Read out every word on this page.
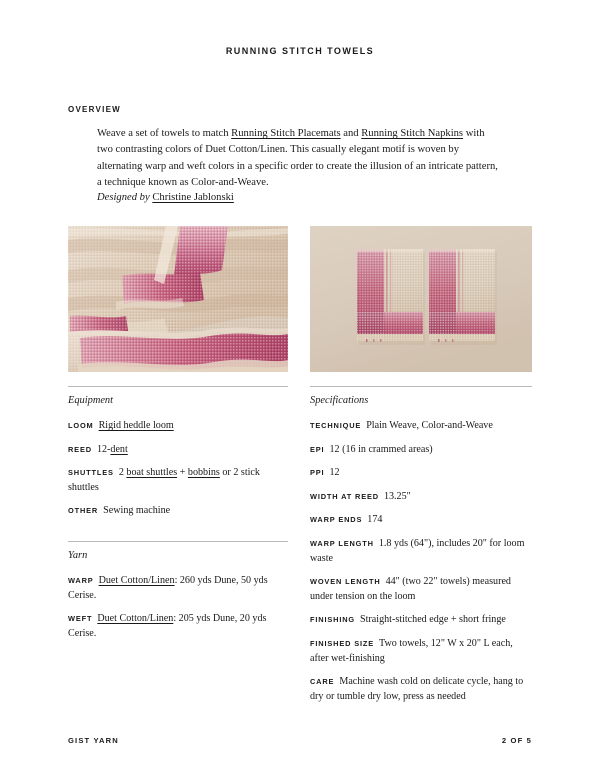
RUNNING STITCH TOWELS
OVERVIEW

Weave a set of towels to match Running Stitch Placemats and Running Stitch Napkins with two contrasting colors of Duet Cotton/Linen. This casually elegant motif is woven by alternating warp and weft colors in a specific order to create the illusion of an intricate pattern, a technique known as Color-and-Weave.

Designed by Christine Jablonski
Equipment
LOOM Rigid heddle loom
REED 12-dent
SHUTTLES 2 boat shuttles + bobbins or 2 stick shuttles
OTHER Sewing machine
Yarn
WARP Duet Cotton/Linen: 260 yds Dune, 50 yds Cerise.
WEFT Duet Cotton/Linen: 205 yds Dune, 20 yds Cerise.
Specifications
TECHNIQUE Plain Weave, Color-and-Weave
EPI 12 (16 in crammed areas)
PPI 12
WIDTH AT REED 13.25"
WARP ENDS 174
WARP LENGTH 1.8 yds (64"), includes 20" for loom waste
WOVEN LENGTH 44" (two 22" towels) measured under tension on the loom
FINISHING Straight-stitched edge + short fringe
FINISHED SIZE Two towels, 12" W x 20" L each, after wet-finishing
CARE Machine wash cold on delicate cycle, hang to dry or tumble dry low, press as needed
GIST YARN	2 OF 5
